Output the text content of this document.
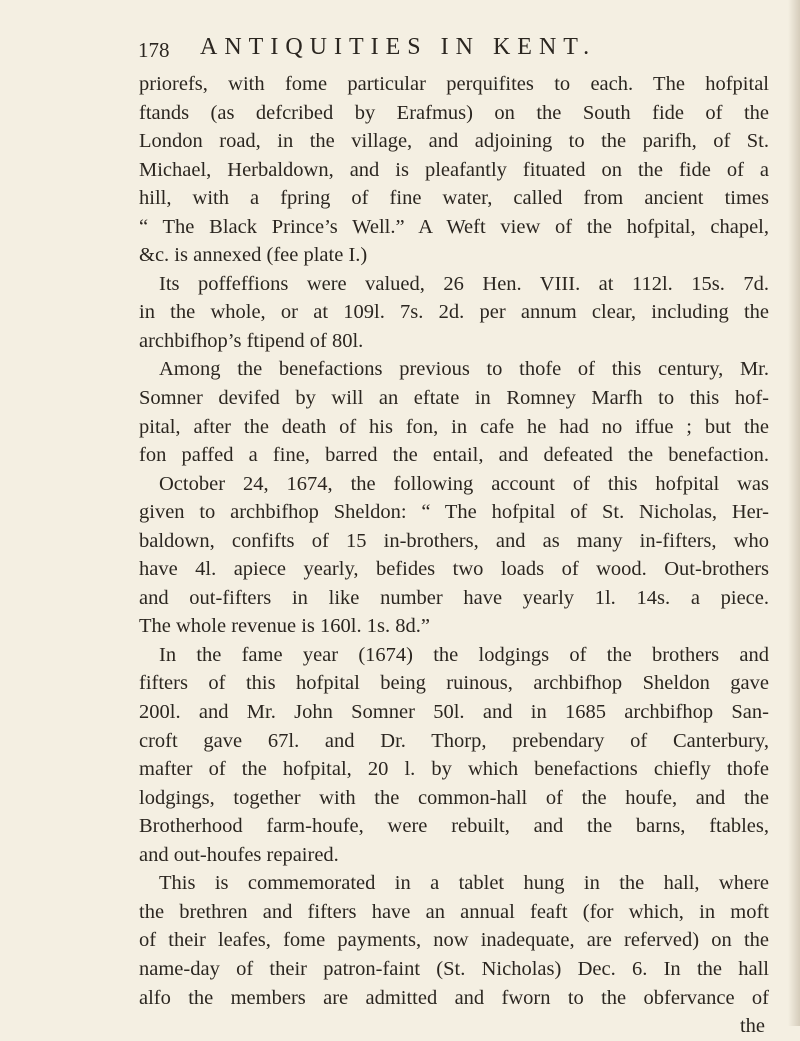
178 ANTIQUITIES IN KENT.
priorefs, with fome particular perquifites to each. The hofpital
ftands (as defcribed by Erafmus) on the South fide of the
London road, in the village, and adjoining to the parifh, of St.
Michael, Herbaldown, and is pleafantly fituated on the fide of a
hill, with a fpring of fine water, called from ancient times
“ The Black Prince’s Well.” A Weft view of the hofpital, chapel,
&c. is annexed (fee plate I.)
Its poffeffions were valued, 26 Hen. VIII. at 112l. 15s. 7d.
in the whole, or at 109l. 7s. 2d. per annum clear, including the
archbifhop’s ftipend of 80l.
Among the benefactions previous to thofe of this century, Mr.
Somner devifed by will an eftate in Romney Marfh to this hof-
pital, after the death of his fon, in cafe he had no iffue ; but the
fon paffed a fine, barred the entail, and defeated the benefaction.
October 24, 1674, the following account of this hofpital was
given to archbifhop Sheldon: “ The hofpital of St. Nicholas, Her-
baldown, confifts of 15 in-brothers, and as many in-fifters, who
have 4l. apiece yearly, befides two loads of wood. Out-brothers
and out-fifters in like number have yearly 1l. 14s. a piece.
The whole revenue is 160l. 1s. 8d.”
In the fame year (1674) the lodgings of the brothers and
fifters of this hofpital being ruinous, archbifhop Sheldon gave
200l. and Mr. John Somner 50l. and in 1685 archbifhop San-
croft gave 67l. and Dr. Thorp, prebendary of Canterbury,
mafter of the hofpital, 20 l. by which benefactions chiefly thofe
lodgings, together with the common-hall of the houfe, and the
Brotherhood farm-houfe, were rebuilt, and the barns, ftables,
and out-houfes repaired.
This is commemorated in a tablet hung in the hall, where
the brethren and fifters have an annual feaft (for which, in moft
of their leafes, fome payments, now inadequate, are referved) on the
name-day of their patron-faint (St. Nicholas) Dec. 6. In the hall
alfo the members are admitted and fworn to the obfervance of
the
